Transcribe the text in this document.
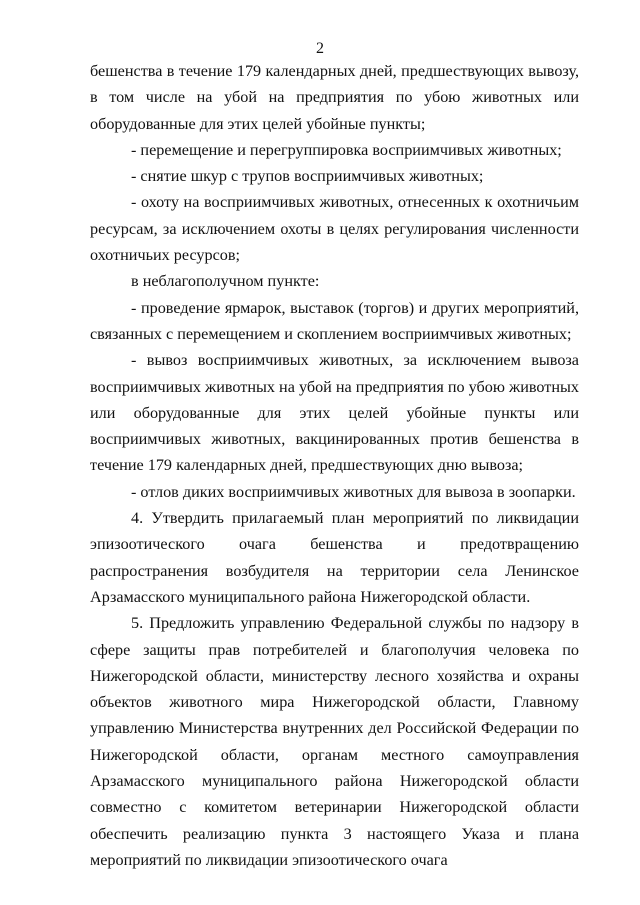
2

бешенства в течение 179 календарных дней, предшествующих вывозу, в том числе на убой на предприятия по убою животных или оборудованные для этих целей убойные пункты;

- перемещение и перегруппировка восприимчивых животных;

- снятие шкур с трупов восприимчивых животных;

- охоту на восприимчивых животных, отнесенных к охотничьим ресурсам, за исключением охоты в целях регулирования численности охотничьих ресурсов;

в неблагополучном пункте:

- проведение ярмарок, выставок (торгов) и других мероприятий, связанных с перемещением и скоплением восприимчивых животных;

- вывоз восприимчивых животных, за исключением вывоза восприимчивых животных на убой на предприятия по убою животных или оборудованные для этих целей убойные пункты или восприимчивых животных, вакцинированных против бешенства в течение 179 календарных дней, предшествующих дню вывоза;

- отлов диких восприимчивых животных для вывоза в зоопарки.

4. Утвердить прилагаемый план мероприятий по ликвидации эпизоотического очага бешенства и предотвращению распространения возбудителя на территории села Ленинское Арзамасского муниципального района Нижегородской области.

5. Предложить управлению Федеральной службы по надзору в сфере защиты прав потребителей и благополучия человека по Нижегородской области, министерству лесного хозяйства и охраны объектов животного мира Нижегородской области, Главному управлению Министерства внутренних дел Российской Федерации по Нижегородской области, органам местного самоуправления Арзамасского муниципального района Нижегородской области совместно с комитетом ветеринарии Нижегородской области обеспечить реализацию пункта 3 настоящего Указа и плана мероприятий по ликвидации эпизоотического очага
